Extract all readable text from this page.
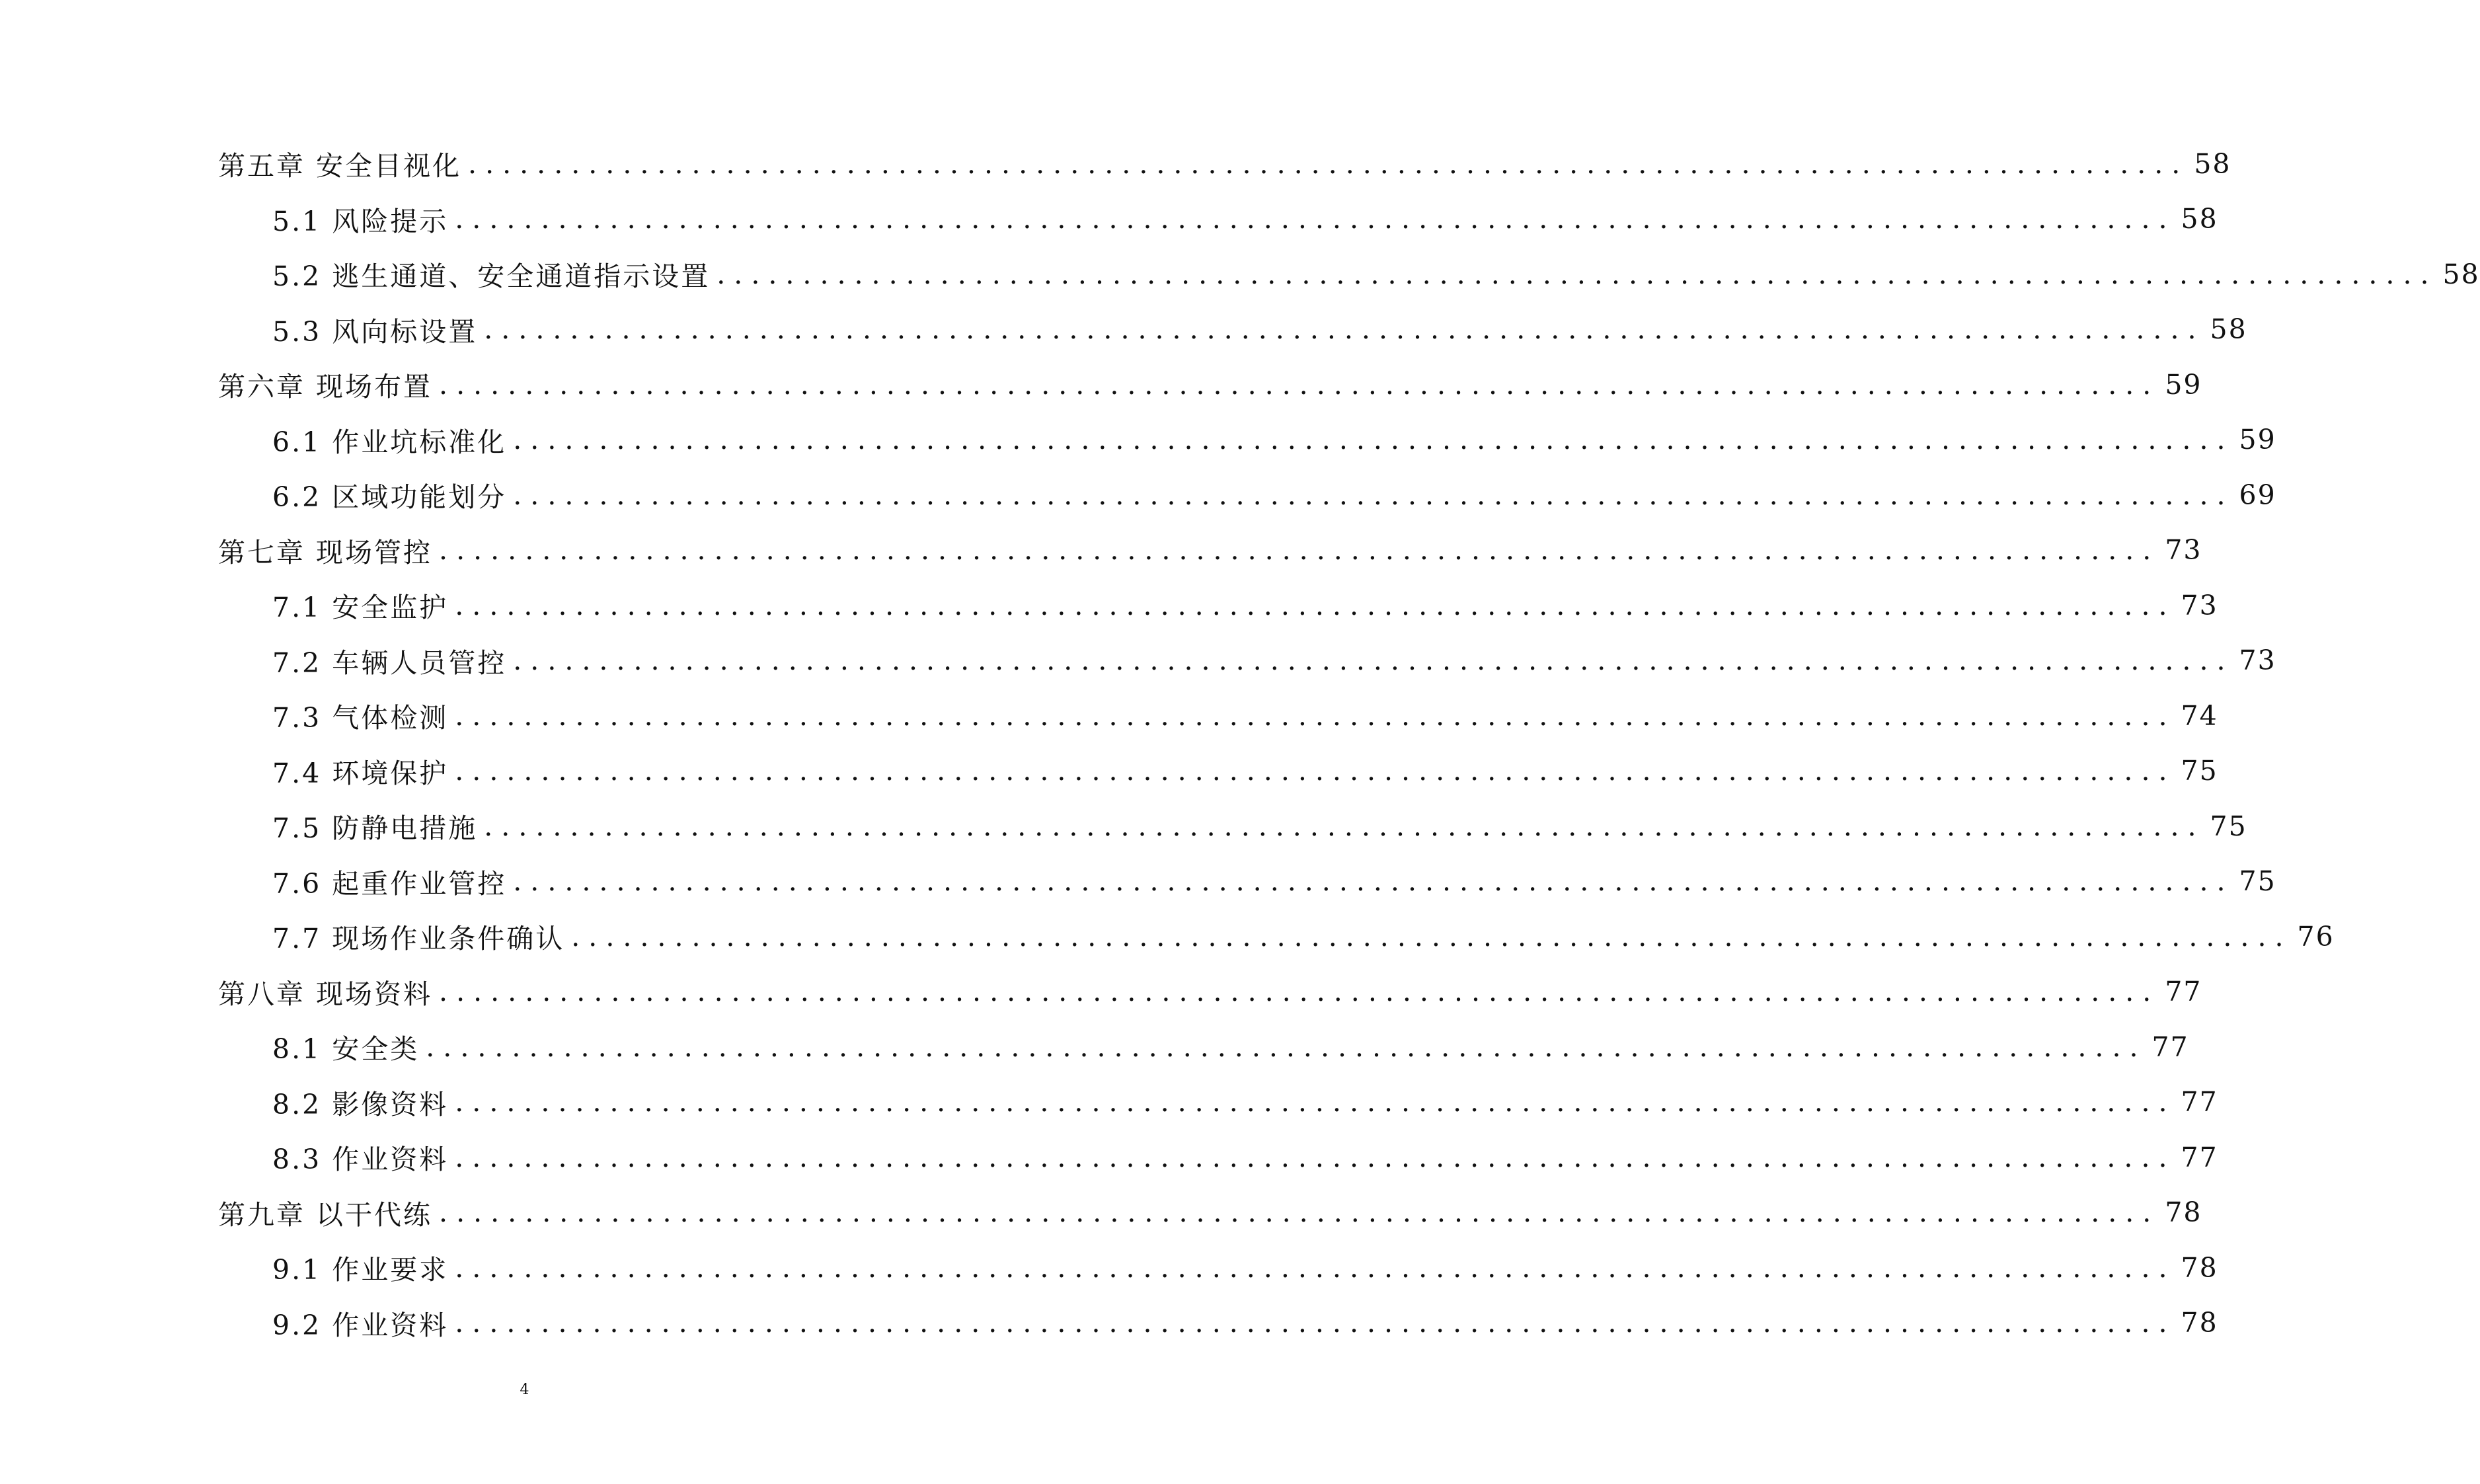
第五章 安全目视化 .................................................................................................... 58
5.1 风险提示 .................................................................................................... 58
5.2 逃生通道、安全通道指示设置 .................................................................................................... 58
5.3 风向标设置 .................................................................................................... 58
第六章 现场布置 .................................................................................................... 59
6.1 作业坑标准化 .................................................................................................... 59
6.2 区域功能划分 .................................................................................................... 69
第七章 现场管控 .................................................................................................... 73
7.1 安全监护 .................................................................................................... 73
7.2 车辆人员管控 .................................................................................................... 73
7.3 气体检测 .................................................................................................... 74
7.4 环境保护 .................................................................................................... 75
7.5 防静电措施 .................................................................................................... 75
7.6 起重作业管控 .................................................................................................... 75
7.7 现场作业条件确认 .................................................................................................... 76
第八章 现场资料 .................................................................................................... 77
8.1 安全类 .................................................................................................... 77
8.2 影像资料 .................................................................................................... 77
8.3 作业资料 .................................................................................................... 77
第九章 以干代练 .................................................................................................... 78
9.1 作业要求 .................................................................................................... 78
9.2 作业资料 .................................................................................................... 78
4
